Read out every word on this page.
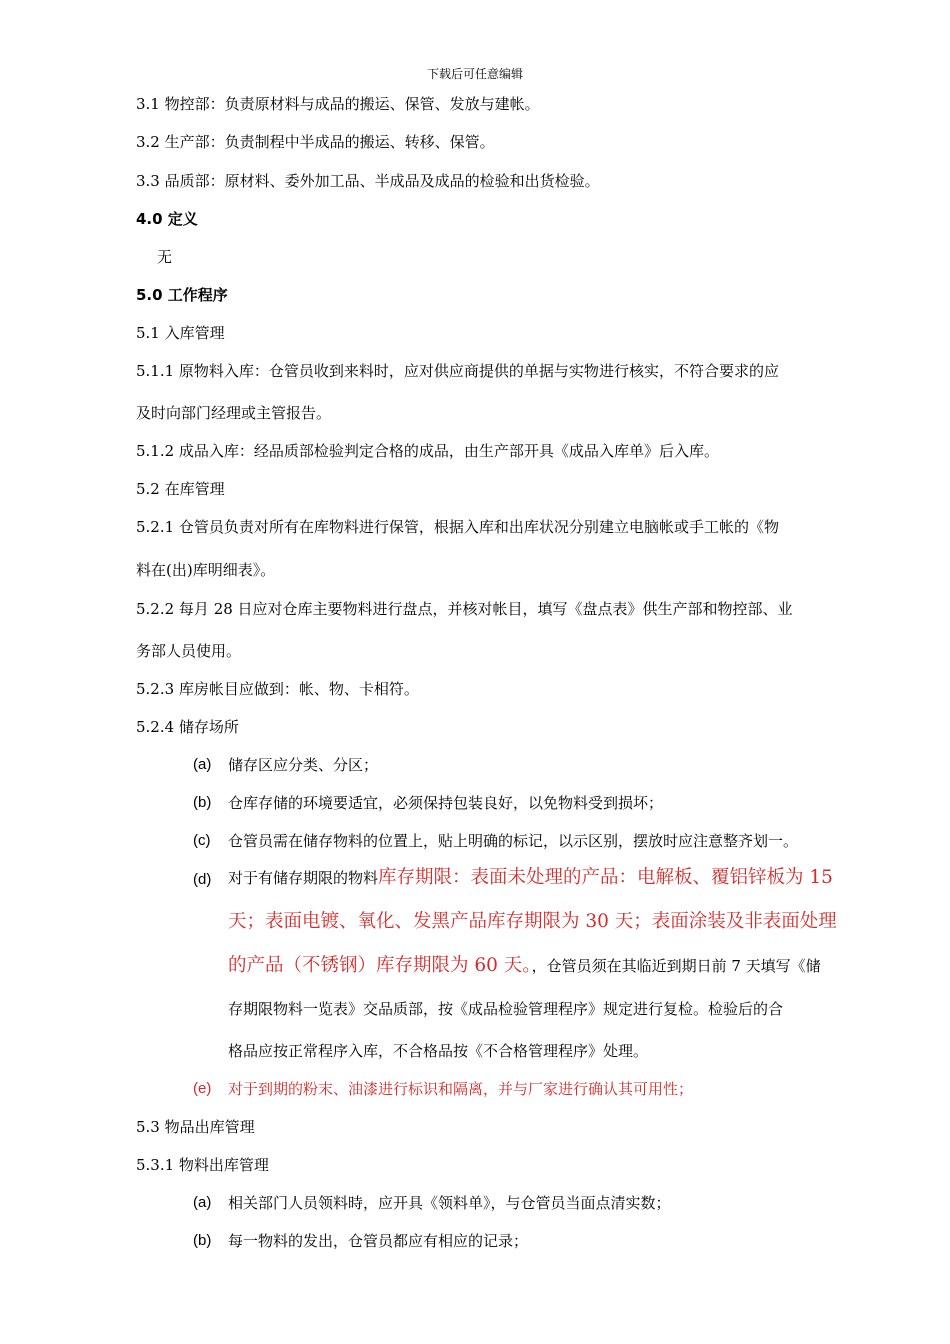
下载后可任意编辑
3.1 物控部：负责原材料与成品的搬运、保管、发放与建帐。
3.2 生产部：负责制程中半成品的搬运、转移、保管。
3.3 品质部：原材料、委外加工品、半成品及成品的检验和出货检验。
4.0 定义
无
5.0 工作程序
5.1 入库管理
5.1.1 原物料入库：仓管员收到来料时，应对供应商提供的单据与实物进行核实，不符合要求的应
及时向部门经理或主管报告。
5.1.2 成品入库：经品质部检验判定合格的成品，由生产部开具《成品入库单》后入库。
5.2 在库管理
5.2.1 仓管员负责对所有在库物料进行保管，根据入库和出库状况分别建立电脑帐或手工帐的《物
料在(出)库明细表》。
5.2.2 每月 28 日应对仓库主要物料进行盘点，并核对帐目，填写《盘点表》供生产部和物控部、业
务部人员使用。
5.2.3 库房帐目应做到：帐、物、卡相符。
5.2.4 储存场所
(a) 储存区应分类、分区；
(b) 仓库存储的环境要适宜，必须保持包装良好，以免物料受到损坏；
(c) 仓管员需在储存物料的位置上，贴上明确的标记，以示区别，摆放时应注意整齐划一。
(d) 对于有储存期限的物料库存期限：表面未处理的产品：电解板、覆铝锌板为 15
天；表面电镀、氧化、发黑产品库存期限为 30 天；表面涂装及非表面处理
的产品（不锈钢）库存期限为 60 天。，仓管员须在其临近到期日前 7 天填写《储
存期限物料一览表》交品质部，按《成品检验管理程序》规定进行复检。检验后的合
格品应按正常程序入库，不合格品按《不合格管理程序》处理。
(e) 对于到期的粉末、油漆进行标识和隔离，并与厂家进行确认其可用性；
5.3 物品出库管理
5.3.1 物料出库管理
(a) 相关部门人员领料時，应开具《领料单》，与仓管员当面点清实数；
(b) 每一物料的发出，仓管员都应有相应的记录；
